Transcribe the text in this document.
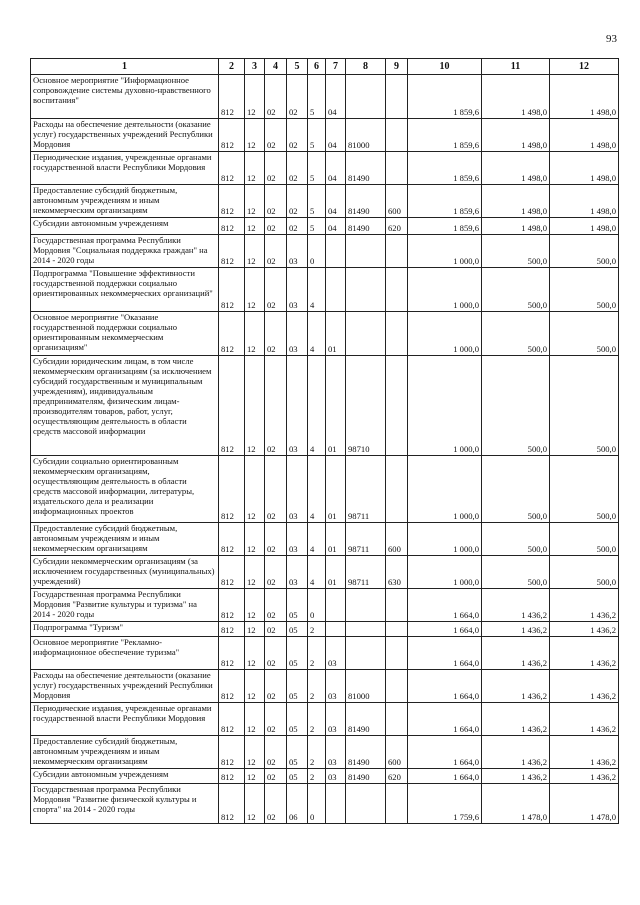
93
1	2	3	4	5	6	7	8	9	10	11	12
Основное мероприятие "Информационное сопровождение системы духовно-нравственного воспитания"	812	12	02	02	5	04			1 859,6	1 498,0	1 498,0
Расходы на обеспечение деятельности (оказание услуг) государственных учреждений Республики Мордовия	812	12	02	02	5	04	81000		1 859,6	1 498,0	1 498,0
Периодические издания, учрежденные органами государственной власти Республики Мордовия	812	12	02	02	5	04	81490		1 859,6	1 498,0	1 498,0
Предоставление субсидий бюджетным, автономным учреждениям и иным некоммерческим организациям	812	12	02	02	5	04	81490	600	1 859,6	1 498,0	1 498,0
Субсидии автономным учреждениям	812	12	02	02	5	04	81490	620	1 859,6	1 498,0	1 498,0
Государственная программа Республики Мордовия "Социальная поддержка граждан" на 2014 - 2020 годы	812	12	02	03	0				1 000,0	500,0	500,0
Подпрограмма "Повышение эффективности государственной поддержки социально ориентированных некоммерческих организаций"	812	12	02	03	4				1 000,0	500,0	500,0
Основное мероприятие "Оказание государственной поддержки социально ориентированным некоммерческим организациям"	812	12	02	03	4	01			1 000,0	500,0	500,0
Субсидии юридическим лицам, в том числе некоммерческим организациям (за исключением субсидий государственным и муниципальным учреждениям), индивидуальным предпринимателям, физическим лицам- производителям товаров, работ, услуг, осуществляющим деятельность в области средств массовой информации	812	12	02	03	4	01	98710		1 000,0	500,0	500,0
Субсидии социально ориентированным некоммерческим организациям, осуществляющим деятельность в области средств массовой информации, литературы, издательского дела и реализации информационных проектов	812	12	02	03	4	01	98711		1 000,0	500,0	500,0
Предоставление субсидий бюджетным, автономным учреждениям и иным некоммерческим организациям	812	12	02	03	4	01	98711	600	1 000,0	500,0	500,0
Субсидии некоммерческим организациям (за исключением государственных (муниципальных) учреждений)	812	12	02	03	4	01	98711	630	1 000,0	500,0	500,0
Государственная программа Республики Мордовия "Развитие культуры и туризма" на 2014 - 2020 годы	812	12	02	05	0				1 664,0	1 436,2	1 436,2
Подпрограмма "Туризм"	812	12	02	05	2				1 664,0	1 436,2	1 436,2
Основное мероприятие "Рекламно-информационное обеспечение туризма"	812	12	02	05	2	03			1 664,0	1 436,2	1 436,2
Расходы на обеспечение деятельности (оказание услуг) государственных учреждений Республики Мордовия	812	12	02	05	2	03	81000		1 664,0	1 436,2	1 436,2
Периодические издания, учрежденные органами государственной власти Республики Мордовия	812	12	02	05	2	03	81490		1 664,0	1 436,2	1 436,2
Предоставление субсидий бюджетным, автономным учреждениям и иным некоммерческим организациям	812	12	02	05	2	03	81490	600	1 664,0	1 436,2	1 436,2
Субсидии автономным учреждениям	812	12	02	05	2	03	81490	620	1 664,0	1 436,2	1 436,2
Государственная программа Республики Мордовия "Развитие физической культуры и спорта" на 2014 - 2020 годы	812	12	02	06	0				1 759,6	1 478,0	1 478,0
